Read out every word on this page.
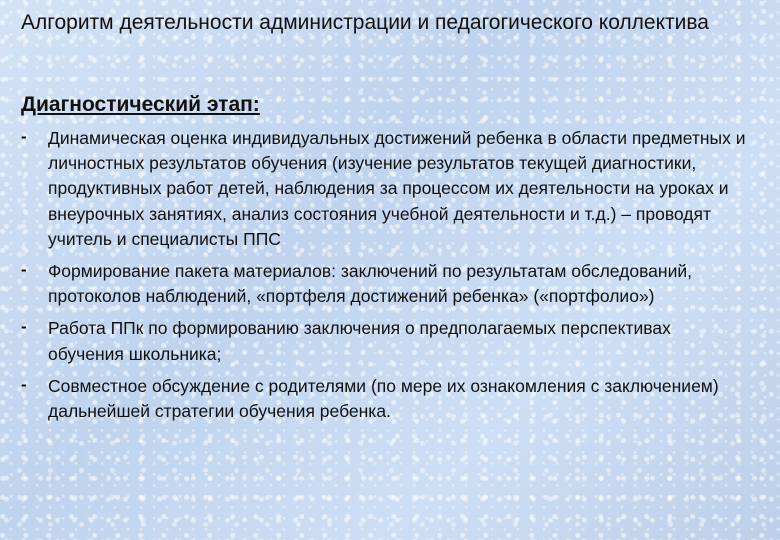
Алгоритм деятельности администрации и педагогического коллектива
Диагностический этап:
- Динамическая оценка индивидуальных достижений ребенка в области предметных и личностных результатов обучения (изучение результатов текущей диагностики, продуктивных работ детей, наблюдения за процессом их деятельности на уроках и внеурочных занятиях, анализ состояния учебной деятельности и т.д.) – проводят учитель и специалисты ППС
- Формирование пакета материалов: заключений по результатам обследований, протоколов наблюдений, «портфеля достижений ребенка» («портфолио»)
- Работа ППк по формированию заключения о предполагаемых перспективах обучения школьника;
- Совместное обсуждение с родителями (по мере их ознакомления с заключением) дальнейшей стратегии обучения ребенка.
